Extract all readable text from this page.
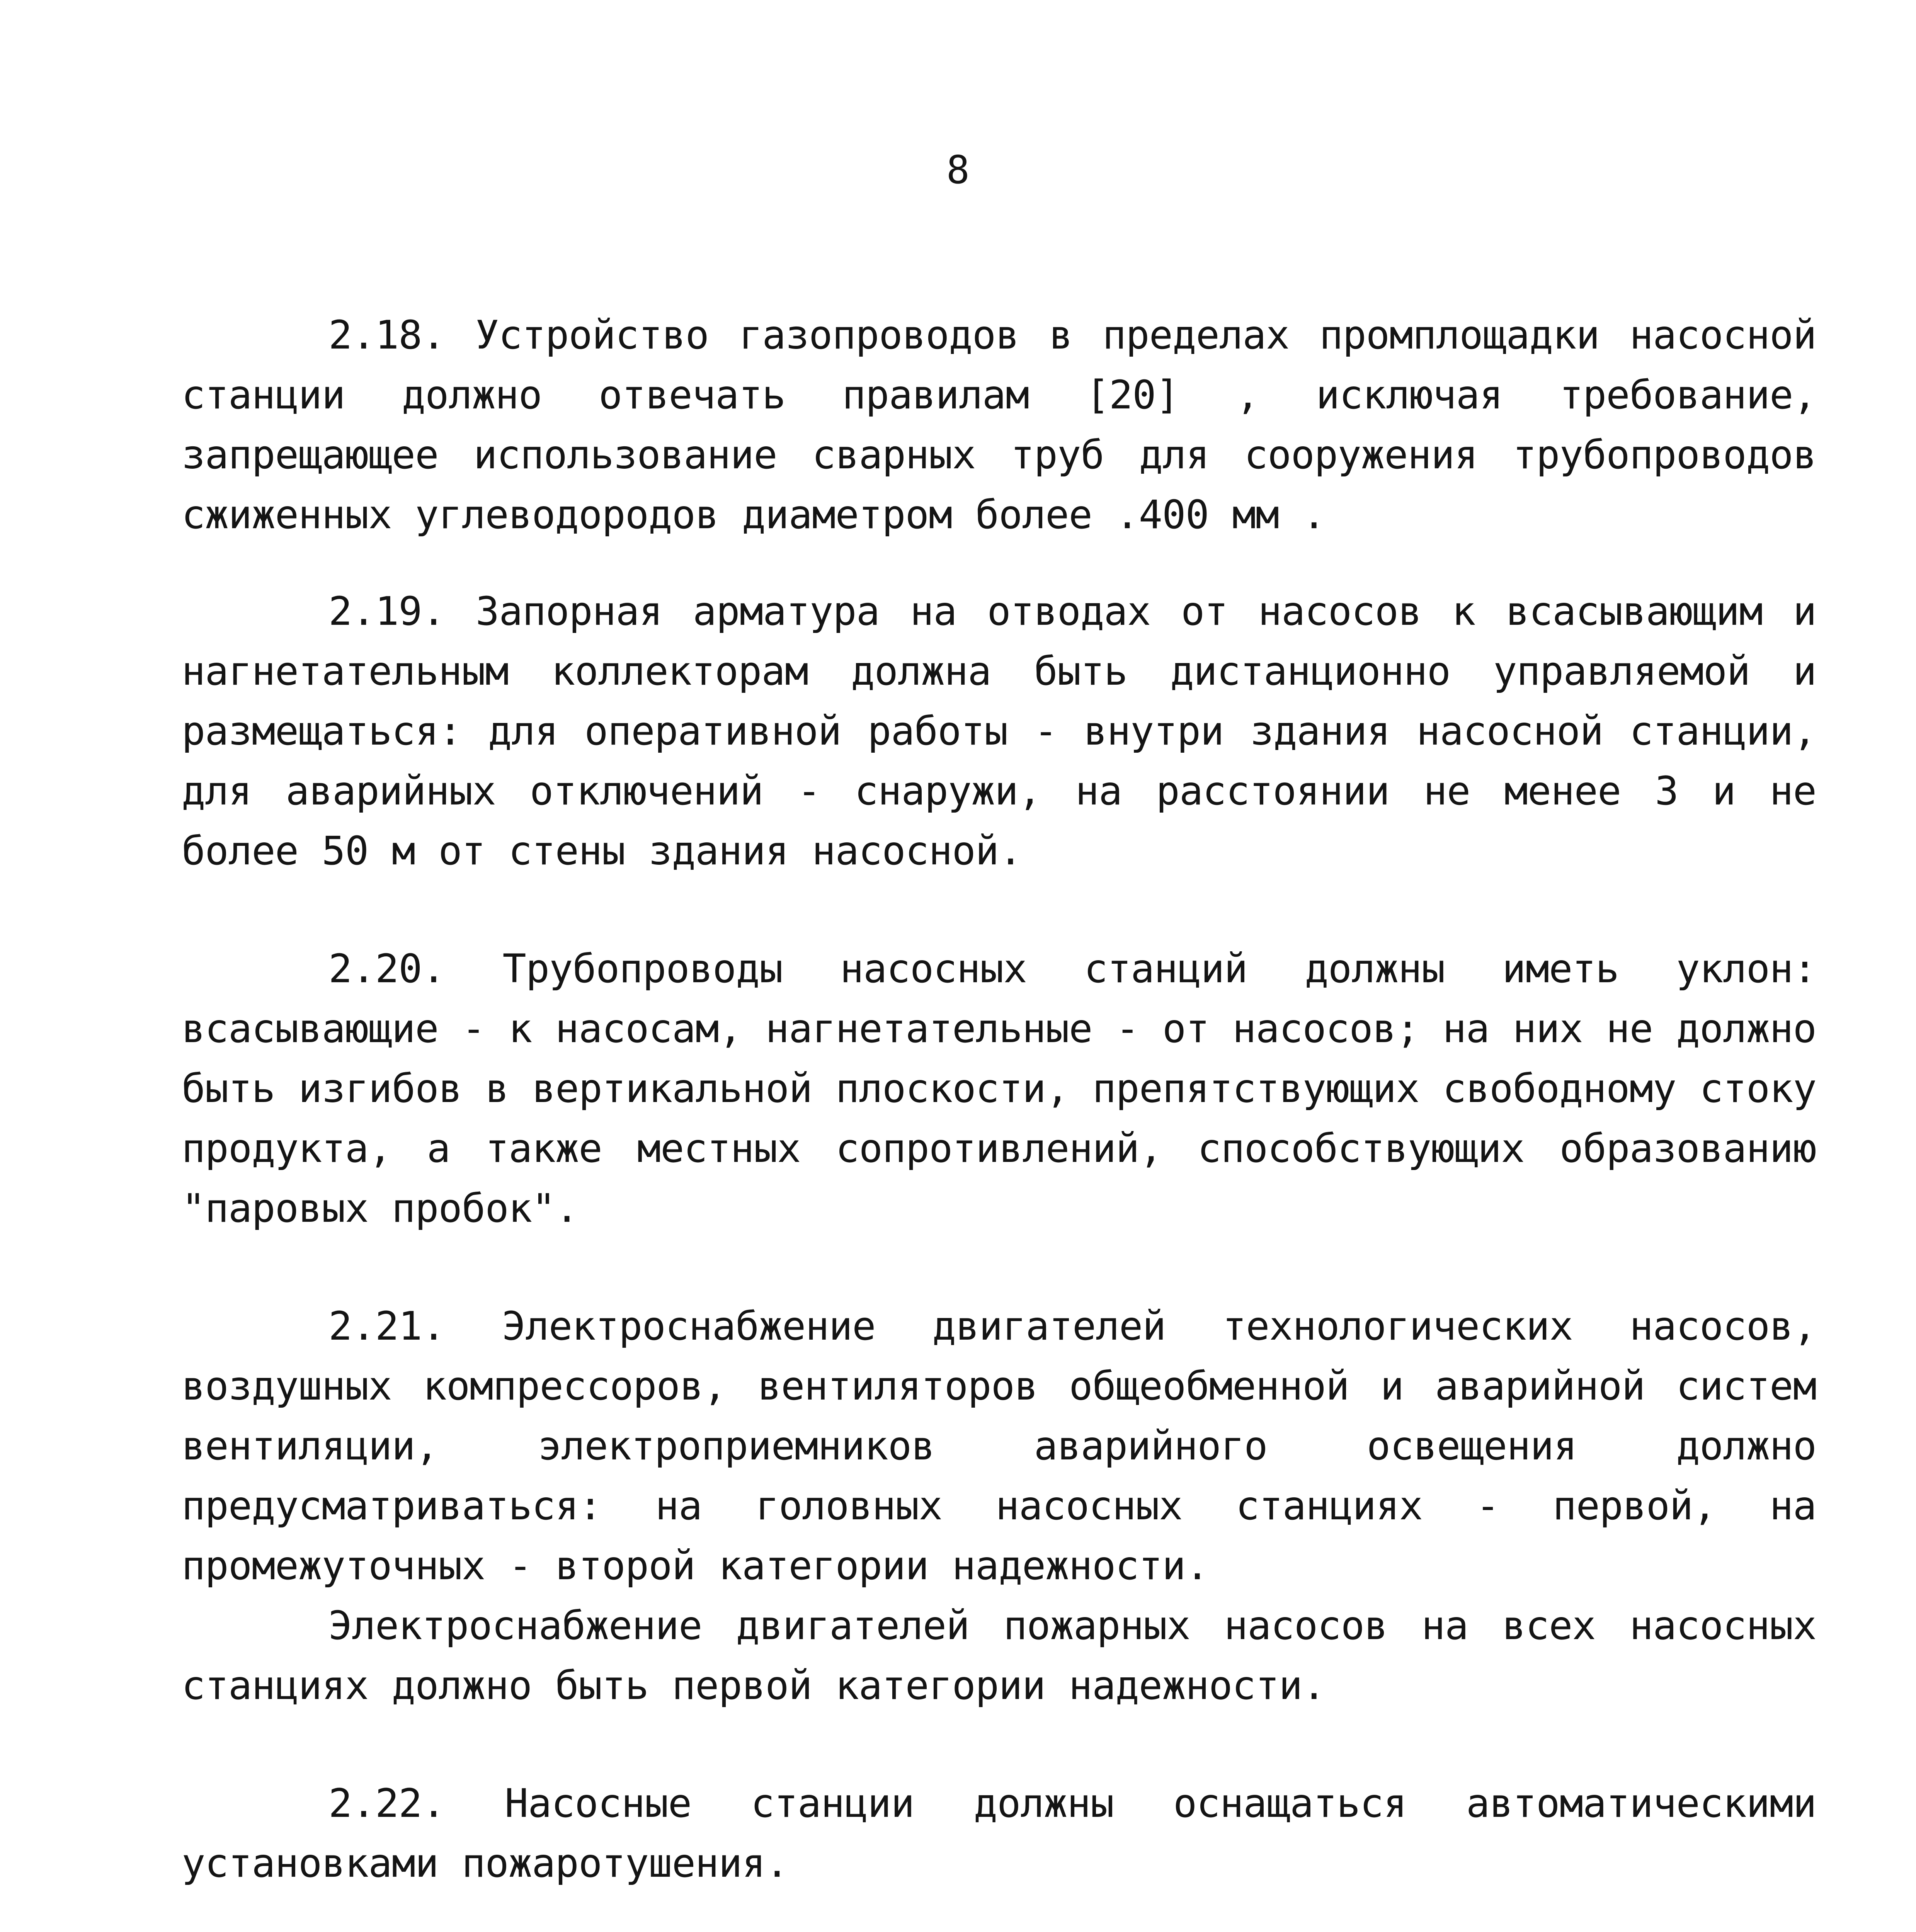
8

2.18. Устройство газопроводов в пределах промплощадки насосной станции должно отвечать правилам [20] , исключая требование, запрещающее использование сварных труб для сооружения трубопроводов сжиженных углеводородов диаметром более .400 мм .

2.19. Запорная арматура на отводах от насосов к всасывающим и нагнетательным коллекторам должна быть дистанционно управляемой и размещаться: для оперативной работы - внутри здания насосной станции, для аварийных отключений - снаружи, на расстоянии не менее 3 и не более 50 м от стены здания насосной.

2.20. Трубопроводы насосных станций должны иметь уклон: всасывающие - к насосам, нагнетательные - от насосов; на них не должно быть изгибов в вертикальной плоскости, препятствующих свободному стоку продукта, а также местных сопротивлений, способствующих образованию "паровых пробок".

2.21. Электроснабжение двигателей технологических насосов, воздушных компрессоров, вентиляторов общеобменной и аварийной систем вентиляции, электроприемников аварийного освещения должно предусматриваться: на головных насосных станциях - первой, на промежуточных - второй категории надежности.

Электроснабжение двигателей пожарных насосов на всех насосных станциях должно быть первой категории надежности.

2.22. Насосные станции должны оснащаться автоматическими установками пожаротушения.
